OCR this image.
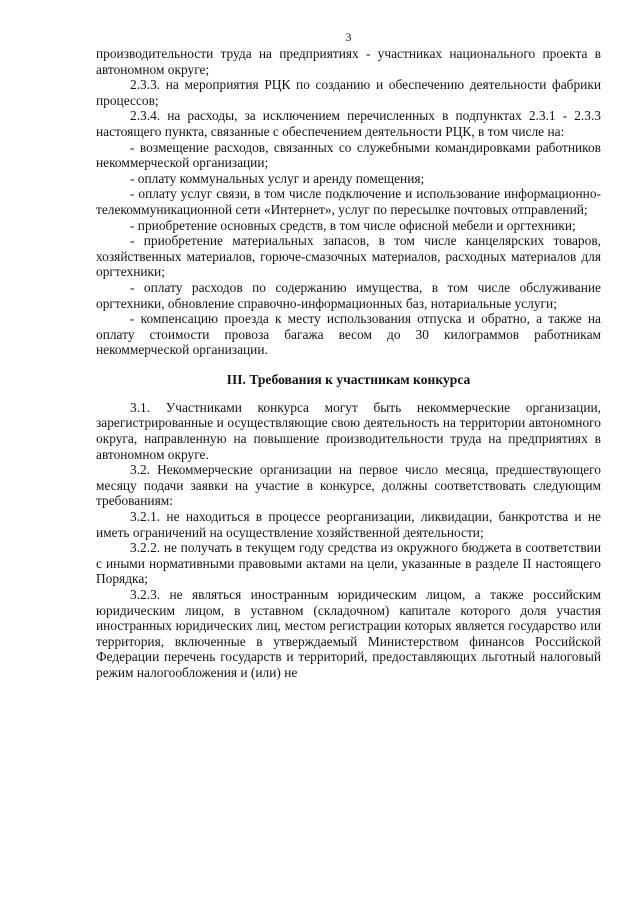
3

производительности труда на предприятиях - участниках национального проекта в автономном округе;

2.3.3. на мероприятия РЦК по созданию и обеспечению деятельности фабрики процессов;

2.3.4. на расходы, за исключением перечисленных в подпунктах 2.3.1 - 2.3.3 настоящего пункта, связанные с обеспечением деятельности РЦК, в том числе на:

- возмещение расходов, связанных со служебными командировками работников некоммерческой организации;

- оплату коммунальных услуг и аренду помещения;

- оплату услуг связи, в том числе подключение и использование информационно-телекоммуникационной сети «Интернет», услуг по пересылке почтовых отправлений;

- приобретение основных средств, в том числе офисной мебели и оргтехники;

- приобретение материальных запасов, в том числе канцелярских товаров, хозяйственных материалов, горюче-смазочных материалов, расходных материалов для оргтехники;

- оплату расходов по содержанию имущества, в том числе обслуживание оргтехники, обновление справочно-информационных баз, нотариальные услуги;

- компенсацию проезда к месту использования отпуска и обратно, а также на оплату стоимости провоза багажа весом до 30 килограммов работникам некоммерческой организации.

III. Требования к участникам конкурса

3.1. Участниками конкурса могут быть некоммерческие организации, зарегистрированные и осуществляющие свою деятельность на территории автономного округа, направленную на повышение производительности труда на предприятиях в автономном округе.

3.2. Некоммерческие организации на первое число месяца, предшествующего месяцу подачи заявки на участие в конкурсе, должны соответствовать следующим требованиям:

3.2.1. не находиться в процессе реорганизации, ликвидации, банкротства и не иметь ограничений на осуществление хозяйственной деятельности;

3.2.2. не получать в текущем году средства из окружного бюджета в соответствии с иными нормативными правовыми актами на цели, указанные в разделе II настоящего Порядка;

3.2.3. не являться иностранным юридическим лицом, а также российским юридическим лицом, в уставном (складочном) капитале которого доля участия иностранных юридических лиц, местом регистрации которых является государство или территория, включенные в утверждаемый Министерством финансов Российской Федерации перечень государств и территорий, предоставляющих льготный налоговый режим налогообложения и (или) не
